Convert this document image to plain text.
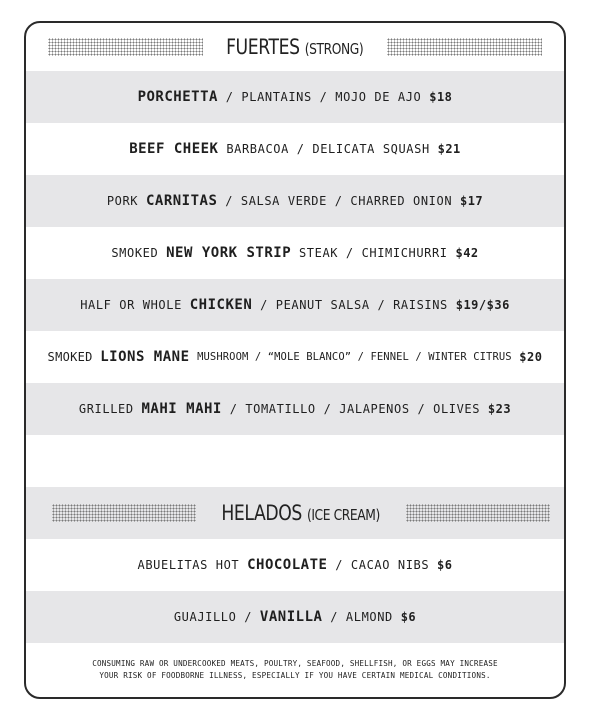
FUERTES (STRONG)
PORCHETTA
/ PLANTAINS / MOJO DE AJO
$18
BEEF CHEEK
BARBACOA / DELICATA SQUASH
$21
PORK
CARNITAS
/ SALSA VERDE / CHARRED ONION
$17
SMOKED
NEW YORK STRIP
STEAK / CHIMICHURRI
$42
HALF OR WHOLE
CHICKEN
/ PEANUT SALSA / RAISINS
$19/$36
SMOKED
LIONS MANE
MUSHROOM / “MOLE BLANCO” / FENNEL / WINTER CITRUS
$20
GRILLED
MAHI MAHI
/ TOMATILLO / JALAPENOS / OLIVES
$23
HELADOS (ICE CREAM)
ABUELITAS HOT
CHOCOLATE
/ CACAO NIBS
$6
GUAJILLO /
VANILLA
/ ALMOND
$6
CONSUMING RAW OR UNDERCOOKED MEATS, POULTRY, SEAFOOD, SHELLFISH, OR EGGS MAY INCREASE
YOUR RISK OF FOODBORNE ILLNESS, ESPECIALLY IF YOU HAVE CERTAIN MEDICAL CONDITIONS.
